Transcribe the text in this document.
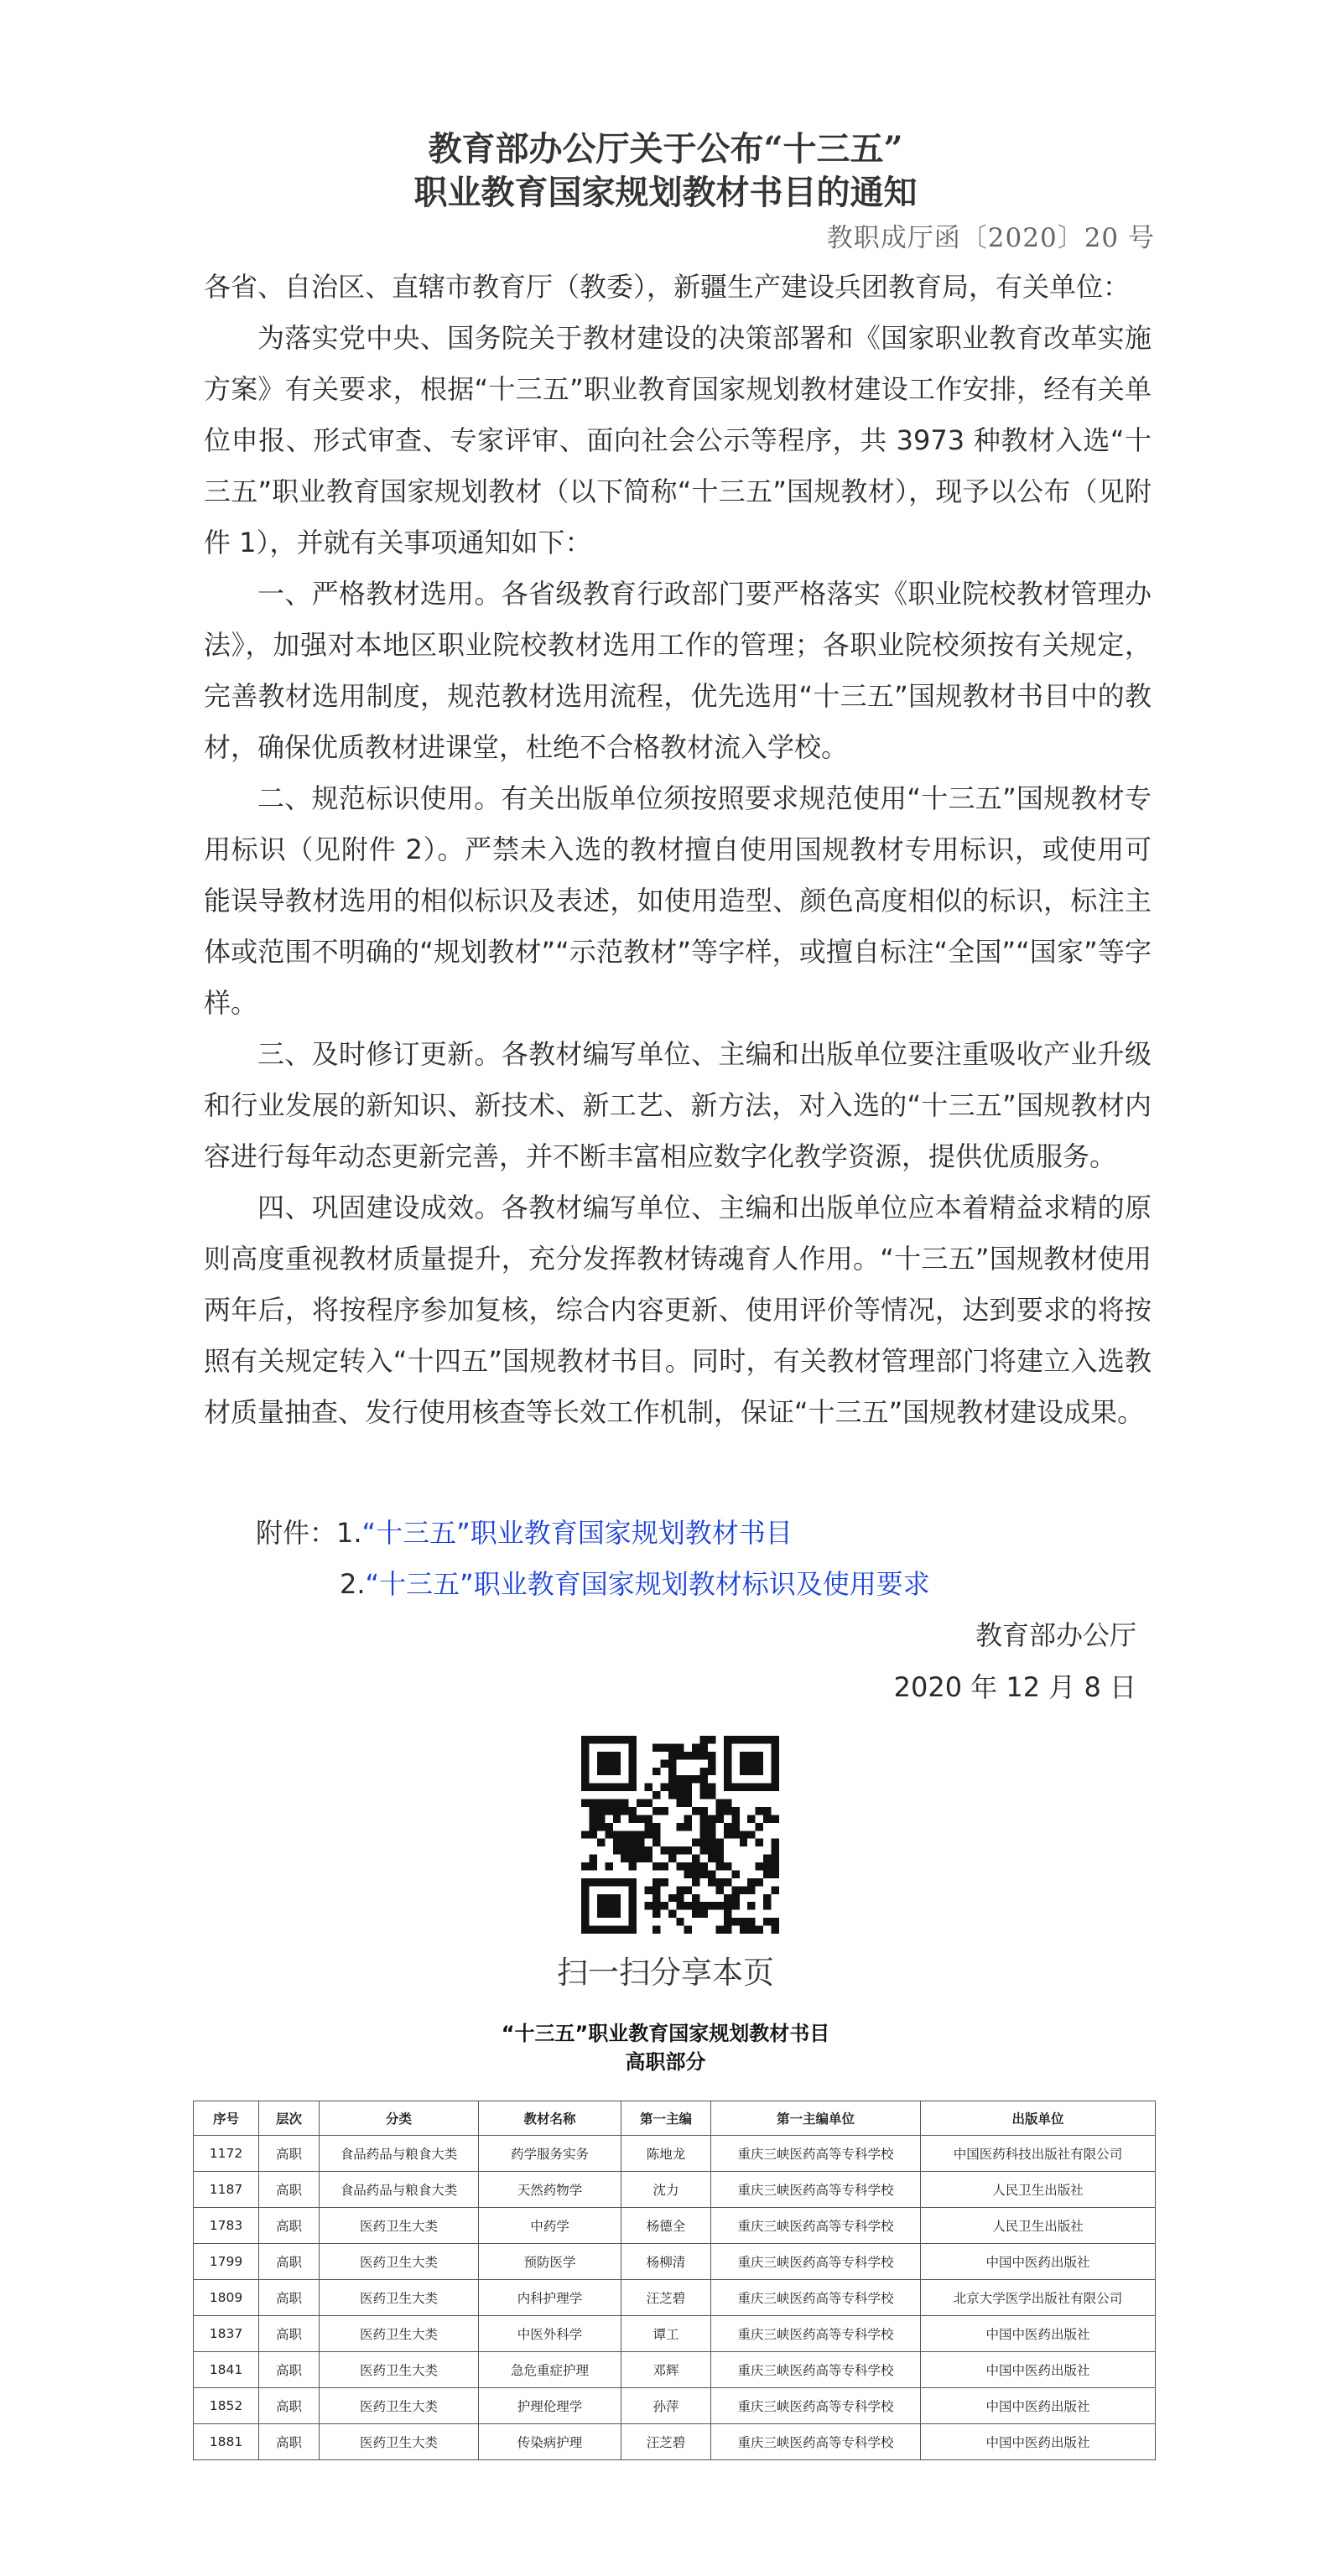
教育部办公厅关于公布“十三五”
职业教育国家规划教材书目的通知
教职成厅函〔2020〕20 号

各省、自治区、直辖市教育厅（教委），新疆生产建设兵团教育局，有关单位：

为落实党中央、国务院关于教材建设的决策部署和《国家职业教育改革实施方案》有关要求，根据“十三五”职业教育国家规划教材建设工作安排，经有关单位申报、形式审查、专家评审、面向社会公示等程序，共 3973 种教材入选“十三五”职业教育国家规划教材（以下简称“十三五”国规教材），现予以公布（见附件 1），并就有关事项通知如下：

一、严格教材选用。各省级教育行政部门要严格落实《职业院校教材管理办法》，加强对本地区职业院校教材选用工作的管理；各职业院校须按有关规定，完善教材选用制度，规范教材选用流程，优先选用“十三五”国规教材书目中的教材，确保优质教材进课堂，杜绝不合格教材流入学校。

二、规范标识使用。有关出版单位须按照要求规范使用“十三五”国规教材专用标识（见附件 2）。严禁未入选的教材擅自使用国规教材专用标识，或使用可能误导教材选用的相似标识及表述，如使用造型、颜色高度相似的标识，标注主体或范围不明确的“规划教材”“示范教材”等字样，或擅自标注“全国”“国家”等字样。

三、及时修订更新。各教材编写单位、主编和出版单位要注重吸收产业升级和行业发展的新知识、新技术、新工艺、新方法，对入选的“十三五”国规教材内容进行每年动态更新完善，并不断丰富相应数字化教学资源，提供优质服务。

四、巩固建设成效。各教材编写单位、主编和出版单位应本着精益求精的原则高度重视教材质量提升，充分发挥教材铸魂育人作用。“十三五”国规教材使用两年后，将按程序参加复核，综合内容更新、使用评价等情况，达到要求的将按照有关规定转入“十四五”国规教材书目。同时，有关教材管理部门将建立入选教材质量抽查、发行使用核查等长效工作机制，保证“十三五”国规教材建设成果。

附件：1.“十三五”职业教育国家规划教材书目
2.“十三五”职业教育国家规划教材标识及使用要求
教育部办公厅
2020 年 12 月 8 日
扫一扫分享本页
“十三五”职业教育国家规划教材书目
高职部分
序号	层次	分类	教材名称	第一主编	第一主编单位	出版单位
1172	高职	食品药品与粮食大类	药学服务实务	陈地龙	重庆三峡医药高等专科学校	中国医药科技出版社有限公司
1187	高职	食品药品与粮食大类	天然药物学	沈力	重庆三峡医药高等专科学校	人民卫生出版社
1783	高职	医药卫生大类	中药学	杨德全	重庆三峡医药高等专科学校	人民卫生出版社
1799	高职	医药卫生大类	预防医学	杨柳清	重庆三峡医药高等专科学校	中国中医药出版社
1809	高职	医药卫生大类	内科护理学	汪芝碧	重庆三峡医药高等专科学校	北京大学医学出版社有限公司
1837	高职	医药卫生大类	中医外科学	谭工	重庆三峡医药高等专科学校	中国中医药出版社
1841	高职	医药卫生大类	急危重症护理	邓辉	重庆三峡医药高等专科学校	中国中医药出版社
1852	高职	医药卫生大类	护理伦理学	孙萍	重庆三峡医药高等专科学校	中国中医药出版社
1881	高职	医药卫生大类	传染病护理	汪芝碧	重庆三峡医药高等专科学校	中国中医药出版社
